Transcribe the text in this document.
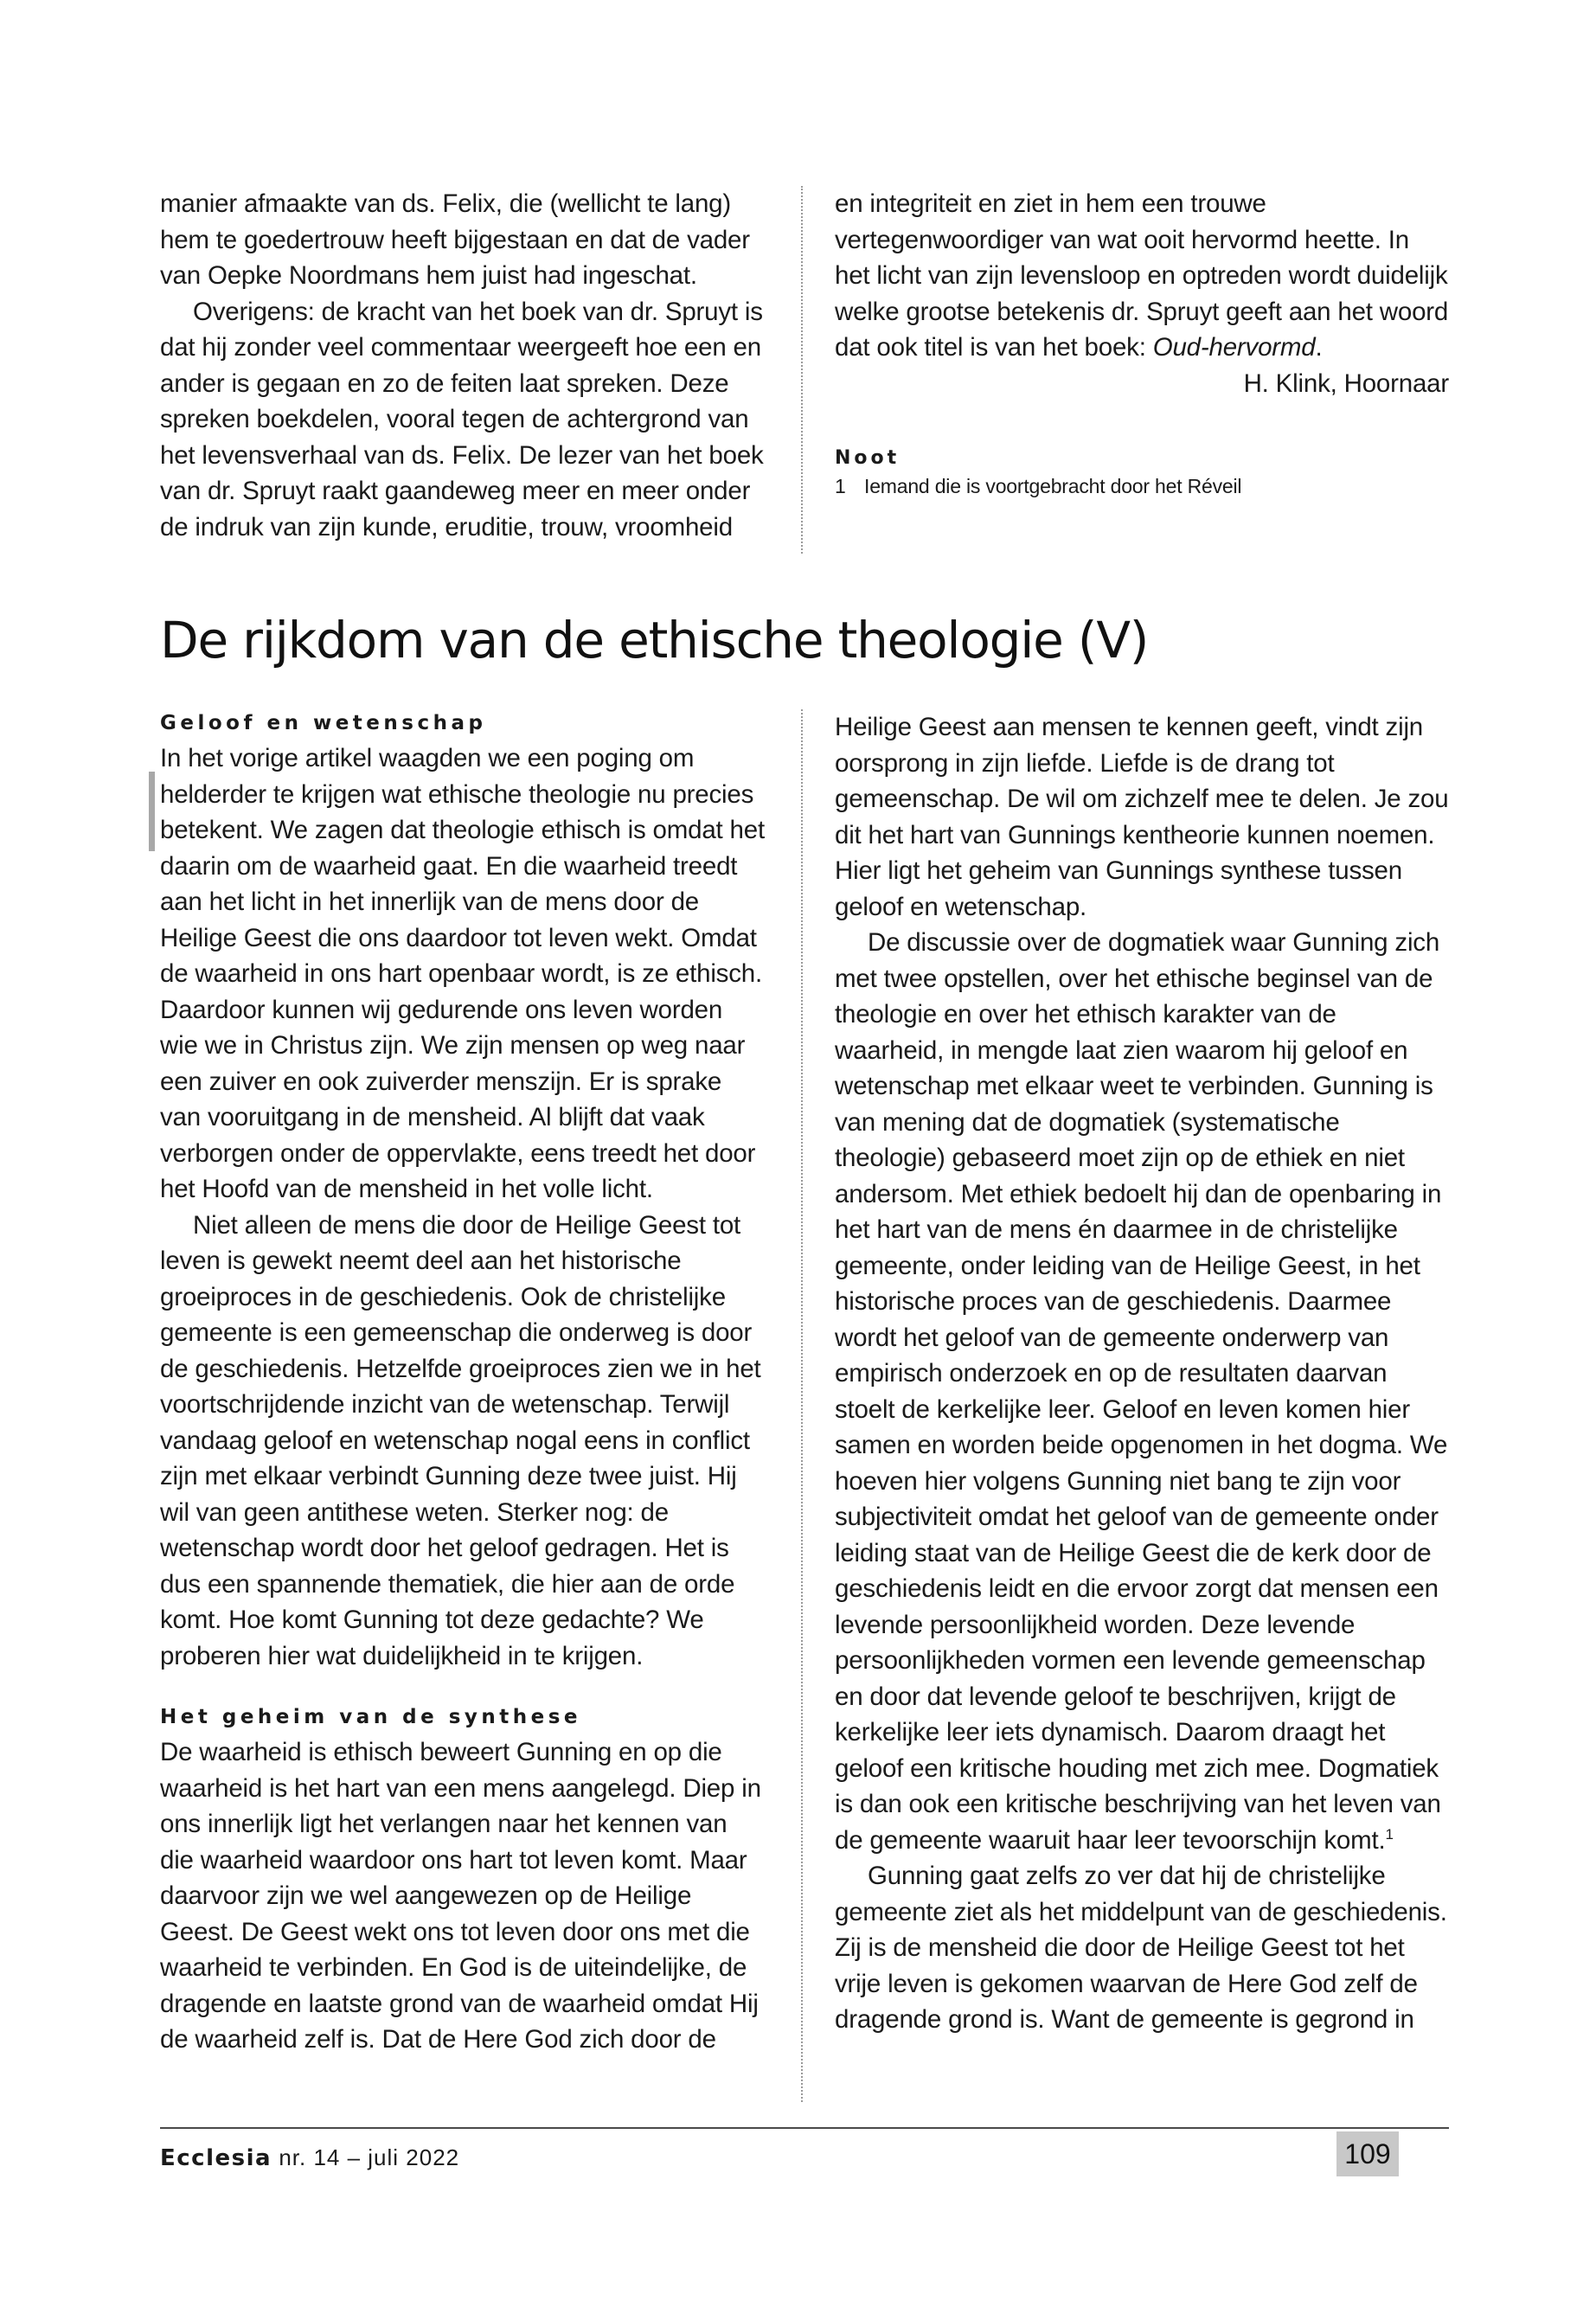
manier afmaakte van ds. Felix, die (wellicht te lang) hem te goedertrouw heeft bijgestaan en dat de vader van Oepke Noordmans hem juist had ingeschat.

Overigens: de kracht van het boek van dr. Spruyt is dat hij zonder veel commentaar weergeeft hoe een en ander is gegaan en zo de feiten laat spreken. Deze spreken boekdelen, vooral tegen de achtergrond van het levensverhaal van ds. Felix. De lezer van het boek van dr. Spruyt raakt gaandeweg meer en meer onder de indruk van zijn kunde, eruditie, trouw, vroomheid

en integriteit en ziet in hem een trouwe vertegenwoordiger van wat ooit hervormd heette. In het licht van zijn levensloop en optreden wordt duidelijk welke grootse betekenis dr. Spruyt geeft aan het woord dat ook titel is van het boek: Oud-hervormd.

H. Klink, Hoornaar

Noot
1 Iemand die is voortgebracht door het Réveil
De rijkdom van de ethische theologie (V)
Geloof en wetenschap

In het vorige artikel waagden we een poging om helderder te krijgen wat ethische theologie nu precies betekent. We zagen dat theologie ethisch is omdat het daarin om de waarheid gaat. En die waarheid treedt aan het licht in het innerlijk van de mens door de Heilige Geest die ons daardoor tot leven wekt. Omdat de waarheid in ons hart openbaar wordt, is ze ethisch. Daardoor kunnen wij gedurende ons leven worden wie we in Christus zijn. We zijn mensen op weg naar een zuiver en ook zuiverder menszijn. Er is sprake van vooruitgang in de mensheid. Al blijft dat vaak verborgen onder de oppervlakte, eens treedt het door het Hoofd van de mensheid in het volle licht.

Niet alleen de mens die door de Heilige Geest tot leven is gewekt neemt deel aan het historische groeiproces in de geschiedenis. Ook de christelijke gemeente is een gemeenschap die onderweg is door de geschiedenis. Hetzelfde groeiproces zien we in het voortschrijdende inzicht van de wetenschap. Terwijl vandaag geloof en wetenschap nogal eens in conflict zijn met elkaar verbindt Gunning deze twee juist. Hij wil van geen antithese weten. Sterker nog: de wetenschap wordt door het geloof gedragen. Het is dus een spannende thematiek, die hier aan de orde komt. Hoe komt Gunning tot deze gedachte? We proberen hier wat duidelijkheid in te krijgen.

Het geheim van de synthese

De waarheid is ethisch beweert Gunning en op die waarheid is het hart van een mens aangelegd. Diep in ons innerlijk ligt het verlangen naar het kennen van die waarheid waardoor ons hart tot leven komt. Maar daarvoor zijn we wel aangewezen op de Heilige Geest. De Geest wekt ons tot leven door ons met die waarheid te verbinden. En God is de uiteindelijke, de dragende en laatste grond van de waarheid omdat Hij de waarheid zelf is. Dat de Here God zich door de

Heilige Geest aan mensen te kennen geeft, vindt zijn oorsprong in zijn liefde. Liefde is de drang tot gemeenschap. De wil om zichzelf mee te delen. Je zou dit het hart van Gunnings kentheorie kunnen noemen. Hier ligt het geheim van Gunnings synthese tussen geloof en wetenschap.

De discussie over de dogmatiek waar Gunning zich met twee opstellen, over het ethische beginsel van de theologie en over het ethisch karakter van de waarheid, in mengde laat zien waarom hij geloof en wetenschap met elkaar weet te verbinden. Gunning is van mening dat de dogmatiek (systematische theologie) gebaseerd moet zijn op de ethiek en niet andersom. Met ethiek bedoelt hij dan de openbaring in het hart van de mens én daarmee in de christelijke gemeente, onder leiding van de Heilige Geest, in het historische proces van de geschiedenis. Daarmee wordt het geloof van de gemeente onderwerp van empirisch onderzoek en op de resultaten daarvan stoelt de kerkelijke leer. Geloof en leven komen hier samen en worden beide opgenomen in het dogma. We hoeven hier volgens Gunning niet bang te zijn voor subjectiviteit omdat het geloof van de gemeente onder leiding staat van de Heilige Geest die de kerk door de geschiedenis leidt en die ervoor zorgt dat mensen een levende persoonlijkheid worden. Deze levende persoonlijkheden vormen een levende gemeenschap en door dat levende geloof te beschrijven, krijgt de kerkelijke leer iets dynamisch. Daarom draagt het geloof een kritische houding met zich mee. Dogmatiek is dan ook een kritische beschrijving van het leven van de gemeente waaruit haar leer tevoorschijn komt.$^1$

Gunning gaat zelfs zo ver dat hij de christelijke gemeente ziet als het middelpunt van de geschiedenis. Zij is de mensheid die door de Heilige Geest tot het vrije leven is gekomen waarvan de Here God zelf de dragende grond is. Want de gemeente is gegrond in

Ecclesia nr. 14 – juli 2022	109
